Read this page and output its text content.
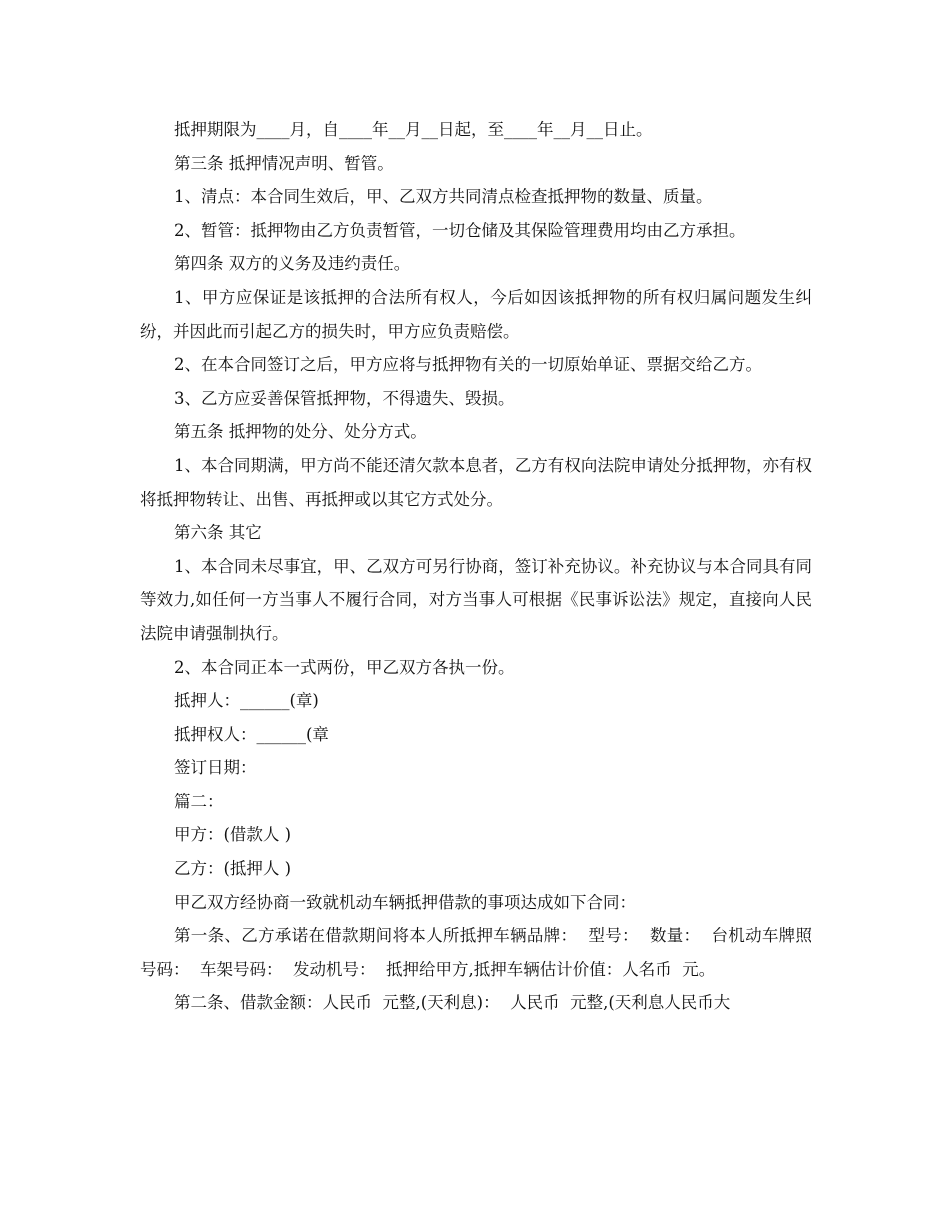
抵押期限为____月，自____年__月__日起，至____年__月__日止。

第三条 抵押情况声明、暂管。

1、清点：本合同生效后，甲、乙双方共同清点检查抵押物的数量、质量。

2、暂管：抵押物由乙方负责暂管，一切仓储及其保险管理费用均由乙方承担。

第四条 双方的义务及违约责任。

1、甲方应保证是该抵押的合法所有权人，今后如因该抵押物的所有权归属问题发生纠纷，并因此而引起乙方的损失时，甲方应负责赔偿。

2、在本合同签订之后，甲方应将与抵押物有关的一切原始单证、票据交给乙方。

3、乙方应妥善保管抵押物，不得遗失、毁损。

第五条 抵押物的处分、处分方式。

1、本合同期满，甲方尚不能还清欠款本息者，乙方有权向法院申请处分抵押物，亦有权将抵押物转让、出售、再抵押或以其它方式处分。

第六条 其它

1、本合同未尽事宜，甲、乙双方可另行协商，签订补充协议。补充协议与本合同具有同等效力,如任何一方当事人不履行合同，对方当事人可根据《民事诉讼法》规定，直接向人民法院申请强制执行。

2、本合同正本一式两份，甲乙双方各执一份。

抵押人：______(章)

抵押权人：______(章

签订日期：

篇二：

甲方：(借款人 )

乙方：(抵押人 )

甲乙双方经协商一致就机动车辆抵押借款的事项达成如下合同：

第一条、乙方承诺在借款期间将本人所抵押车辆品牌：  型号：  数量：  台机动车牌照号码：  车架号码：  发动机号：  抵押给甲方,抵押车辆估计价值：人名币  元。

第二条、借款金额：人民币  元整,(天利息)：  人民币  元整,(天利息人民币大
